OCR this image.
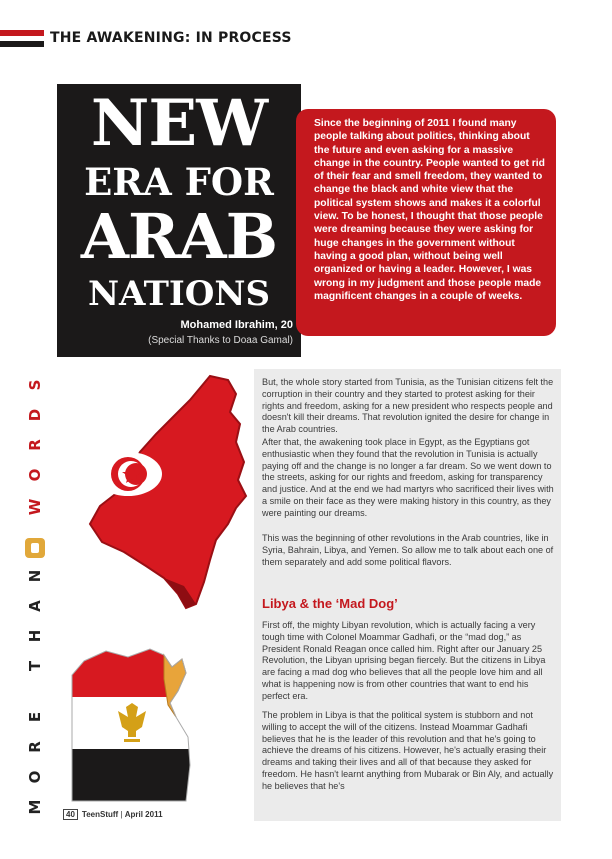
THE AWAKENING: IN PROCESS
NEW
ERA FOR
ARAB
NATIONS
Mohamed Ibrahim, 20
(Special Thanks to Doaa Gamal)
Since the beginning of 2011 I found many people talking about politics, thinking about the future and even asking for a massive change in the country. People wanted to get rid of their fear and smell freedom, they wanted to change the black and white view that the political system shows and makes it a colorful view. To be honest, I thought that those people were dreaming because they were asking for huge changes in the government without having a good plan, without being well organized or having a leader. However, I was wrong in my judgment and those people made magnificent changes in a couple of weeks.
S
D
R
O
W
N
A
H
T
E
R
O
M

But, the whole story started from Tunisia, as the Tunisian citizens felt the corruption in their country and they started to protest asking for their rights and freedom, asking for a new president who respects people and doesn't kill their dreams. That revolution ignited the desire for change in the Arab countries.

After that, the awakening took place in Egypt, as the Egyptians got enthusiastic when they found that the revolution in Tunisia is actually paying off and the change is no longer a far dream. So we went down to the streets, asking for our rights and freedom, asking for transparency and justice. And at the end we had martyrs who sacrificed their lives with a smile on their face as they were making history in this country, as they were painting our dreams.

This was the beginning of other revolutions in the Arab countries, like in Syria, Bahrain, Libya, and Yemen. So allow me to talk about each one of them separately and add some political flavors.

Libya & the ‘Mad Dog’

First off, the mighty Libyan revolution, which is actually facing a very tough time with Colonel Moammar Gadhafi, or the “mad dog,” as President Ronald Reagan once called him. Right after our January 25 Revolution, the Libyan uprising began fiercely. But the citizens in Libya are facing a mad dog who believes that all the people love him and all what is happening now is from other countries that want to end his perfect era.

The problem in Libya is that the political system is stubborn and not willing to accept the will of the citizens. Instead Moammar Gadhafi believes that he is the leader of this revolution and that he's going to achieve the dreams of his citizens. However, he's actually erasing their dreams and taking their lives and all of that because they asked for freedom. He hasn't learnt anything from Mubarak or Bin Aly, and actually he believes that he's

40 TeenStuff | April 2011
